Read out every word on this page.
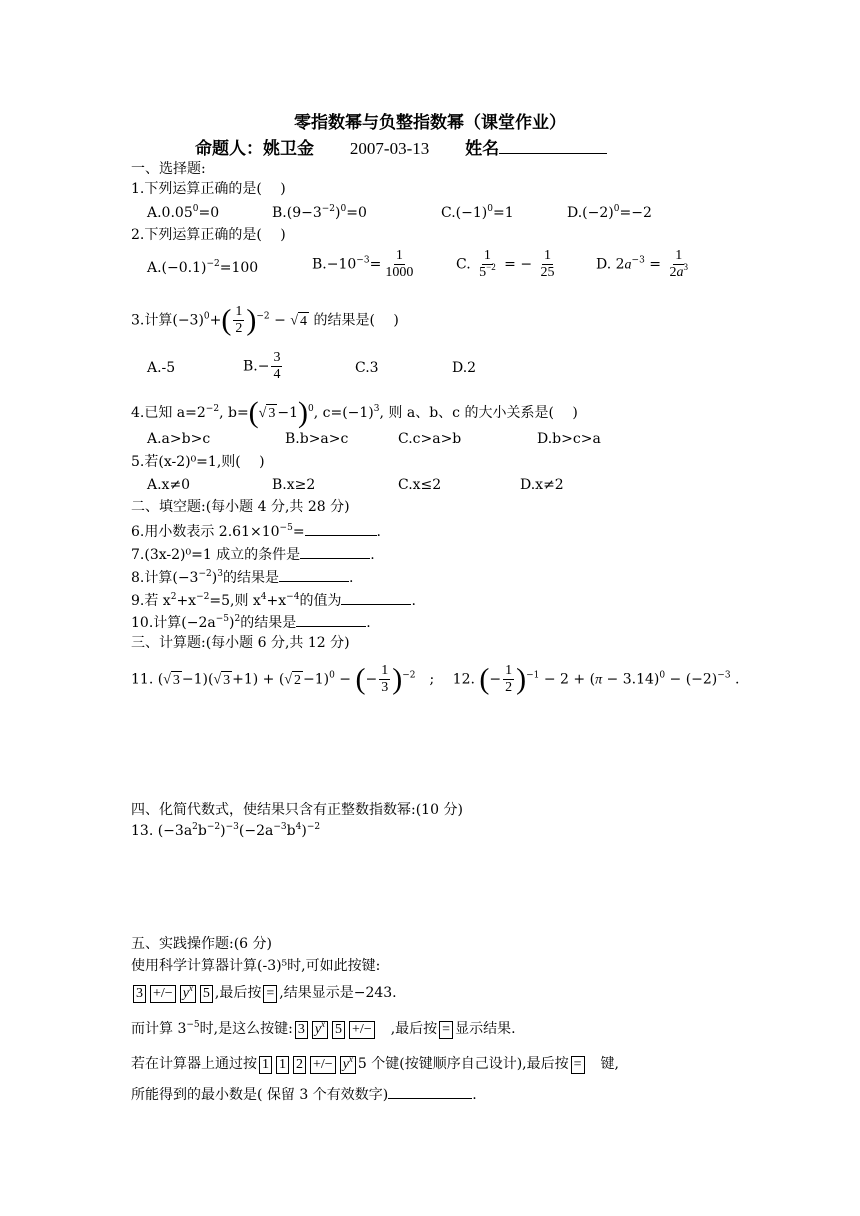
零指数幂与负整指数幂（课堂作业）
命题人：姚卫金 2007-03-13 姓名
一、选择题:
1.下列运算正确的是(　 )
$A.0.05^0=0$	$B.(9-3^{-2})^0=0$	$C.(-1)^0=1$	$D.(-2)^0=-2$
2.下列运算正确的是(　 )
$A.(-0.1)^{-2}=100$	$B.-10^{-3}= \frac{1}{1000}$	C. $\frac{1}{5^{-2}}$ = − $\frac{1}{25}$	D. $2a^{-3} = \frac{1}{2a^3}$
3.计算$(-3)^0+( \frac{1}{2} )^{-2}$ − √ 4 的结果是(　 )
A.-5	$B.- \frac{3}{4}$	C.3	D.2
4.已知 $a=2^{-2}$, b=(√ 3 −1)$^0$, $c=(-1)^3$, 则 a、b、c 的大小关系是(　 )
A.a>b>c	B.b>a>c	C.c>a>b	D.b>c>a
5.若(x-2)⁰=1,则(　 )
A.x≠0	B.x≥2	C.x≤2	D.x≠2
二、填空题:(每小题 4 分,共 28 分)
6.用小数表示 $2.61\times 10^{-5}=$	.
7.(3x-2)⁰=1 成立的条件是	.
8.计算$(-3^{-2})^3$的结果是	.
9.若 $x^2+x^{-2}=5$,则 $x^4+x^{-4}$的值为	.
10.计算$(-2a^{-5})^2$的结果是	.
三、计算题:(每小题 6 分,共 12 分)
11. (√ 3 −1)(√ 3 +1) + (√ 2 −1)$^0$ − (− $\frac{1}{3} )^{-2}$　;　 12. (− $\frac{1}{2} )^{-1} - 2 + (\pi - 3.14)^0 - (-2)^{-3}$ .
四、化简代数式，使结果只含有正整数指数幂:(10 分)
13. $(-3a^2b^{-2})^{-3}(-2a^{-3}b^4)^{-2}$
五、实践操作题:(6 分)
使用科学计算器计算(-3)⁵时,可如此按键:
3 +/− $y^x$ 5 ,最后按 = ,结果显示是−243.
而计算 $3^{-5}$时,是这么按键: 3 $y^x$ 5 +/−　,最后按 = 显示结果.
若在计算器上通过按 1 1 2 +/− $y^x$ 5 个键(按键顺序自己设计),最后按 =　键,
所能得到的最小数是( 保留 3 个有效数字)	.
